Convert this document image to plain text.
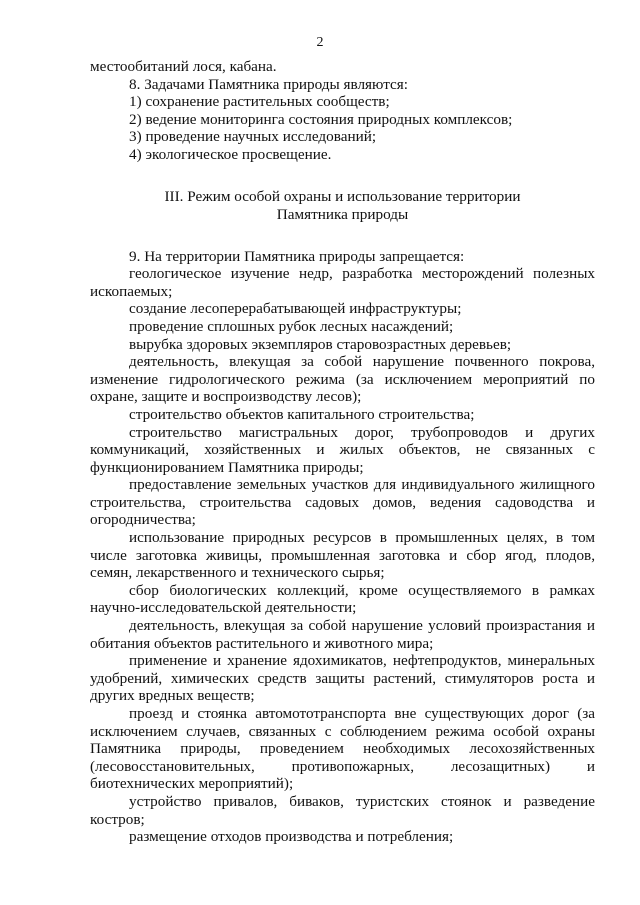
2

местообитаний лося, кабана.

8. Задачами Памятника природы являются:

1) сохранение растительных сообществ;

2) ведение мониторинга состояния природных комплексов;

3) проведение научных исследований;

4) экологическое просвещение.

III. Режим особой охраны и использование территории
Памятника природы

9. На территории Памятника природы запрещается:

геологическое изучение недр, разработка месторождений полезных ископаемых;

создание лесоперерабатывающей инфраструктуры;

проведение сплошных рубок лесных насаждений;

вырубка здоровых экземпляров старовозрастных деревьев;

деятельность, влекущая за собой нарушение почвенного покрова, изменение гидрологического режима (за исключением мероприятий по охране, защите и воспроизводству лесов);

строительство объектов капитального строительства;

строительство магистральных дорог, трубопроводов и других коммуникаций, хозяйственных и жилых объектов, не связанных с функционированием Памятника природы;

предоставление земельных участков для индивидуального жилищного строительства, строительства садовых домов, ведения садоводства и огородничества;

использование природных ресурсов в промышленных целях, в том числе заготовка живицы, промышленная заготовка и сбор ягод, плодов, семян, лекарственного и технического сырья;

сбор биологических коллекций, кроме осуществляемого в рамках научно-исследовательской деятельности;

деятельность, влекущая за собой нарушение условий произрастания и обитания объектов растительного и животного мира;

применение и хранение ядохимикатов, нефтепродуктов, минеральных удобрений, химических средств защиты растений, стимуляторов роста и других вредных веществ;

проезд и стоянка автомототранспорта вне существующих дорог (за исключением случаев, связанных с соблюдением режима особой охраны Памятника природы, проведением необходимых лесохозяйственных (лесовосстановительных, противопожарных, лесозащитных) и биотехнических мероприятий);

устройство привалов, биваков, туристских стоянок и разведение костров;

размещение отходов производства и потребления;
